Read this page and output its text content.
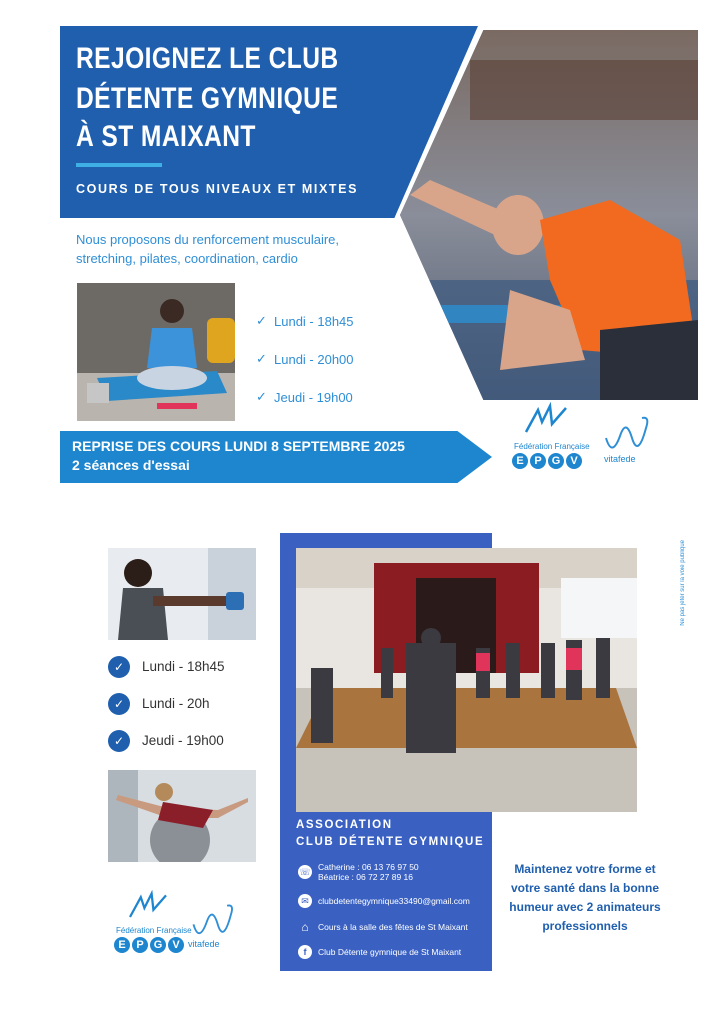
REJOIGNEZ LE CLUB
DÉTENTE GYMNIQUE
À ST MAIXANT
COURS DE TOUS NIVEAUX ET MIXTES
Nous proposons du renforcement musculaire,
stretching, pilates, coordination, cardio
✓ Lundi - 18h45
✓ Lundi - 20h00
✓ Jeudi - 19h00
REPRISE DES COURS LUNDI 8 SEPTEMBRE 2025
2 séances d'essai
Fédération Française
E P G V	vitafede
✓	Lundi - 18h45
✓	Lundi - 20h
✓	Jeudi - 19h00
Fédération Française
E P G V vitafede
ASSOCIATION
CLUB DÉTENTE GYMNIQUE
☏ Catherine : 06 13 76 97 50
Béatrice : 06 72 27 89 16
✉	clubdetentegymnique33490@gmail.com
⌂	Cours à la salle des fêtes de St Maixant
f	Club Détente gymnique de St Maixant
Maintenez votre forme et
votre santé dans la bonne
humeur avec 2 animateurs
professionnels
Ne pas jeter sur la voie publique
